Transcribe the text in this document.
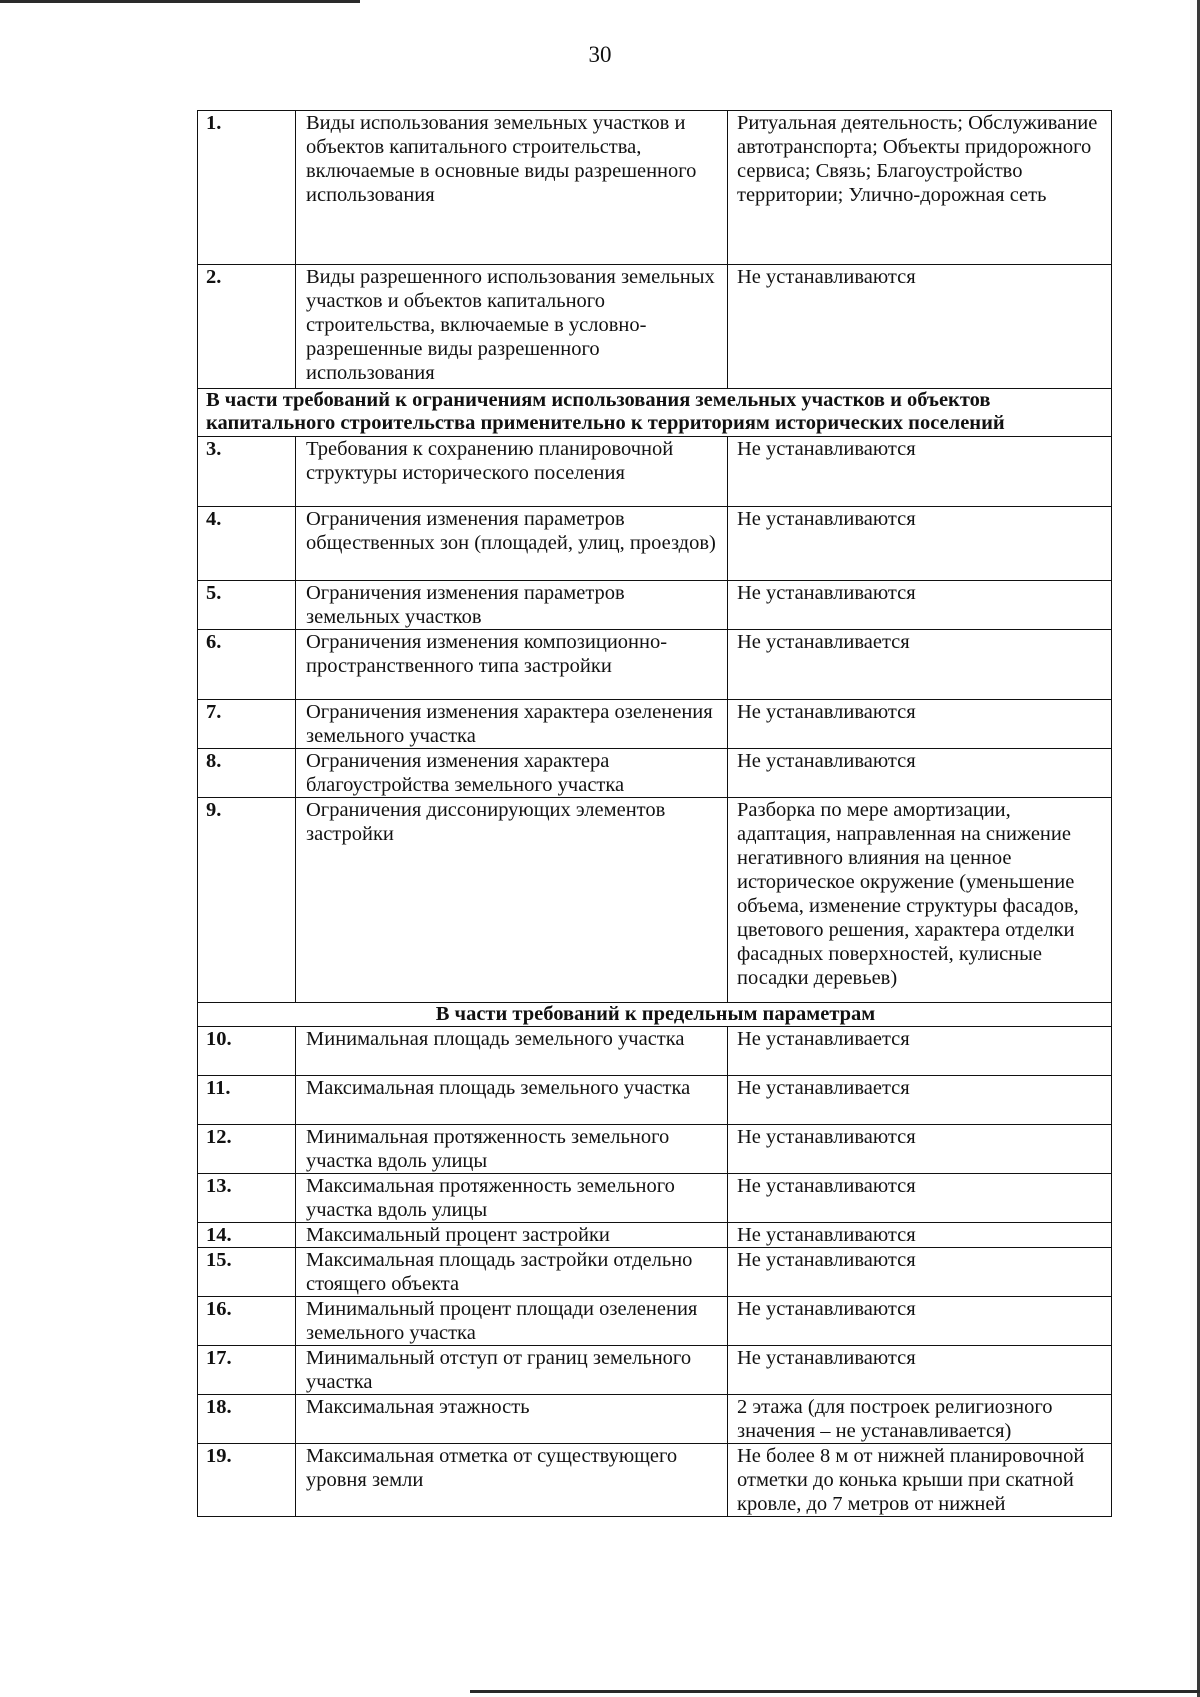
30
1.	Виды использования земельных участков и объектов капитального строительства, включаемые в основные виды разрешенного использования	Ритуальная деятельность; Обслуживание автотранспорта; Объекты придорожного сервиса; Связь; Благоустройство территории; Улично-дорожная сеть
2.	Виды разрешенного использования земельных участков и объектов капитального строительства, включаемые в условно-разрешенные виды разрешенного использования	Не устанавливаются
В части требований к ограничениям использования земельных участков и объектов капитального строительства применительно к территориям исторических поселений		
3.	Требования к сохранению планировочной структуры исторического поселения	Не устанавливаются
4.	Ограничения изменения параметров общественных зон (площадей, улиц, проездов)	Не устанавливаются
5.	Ограничения изменения параметров земельных участков	Не устанавливаются
6.	Ограничения изменения композиционно-пространственного типа застройки	Не устанавливается
7.	Ограничения изменения характера озеленения земельного участка	Не устанавливаются
8.	Ограничения изменения характера благоустройства земельного участка	Не устанавливаются
9.	Ограничения диссонирующих элементов застройки	Разборка по мере амортизации, адаптация, направленная на снижение негативного влияния на ценное историческое окружение (уменьшение объема, изменение структуры фасадов, цветового решения, характера отделки фасадных поверхностей, кулисные посадки деревьев)
В части требований к предельным параметрам		
10.	Минимальная площадь земельного участка	Не устанавливается
11.	Максимальная площадь земельного участка	Не устанавливается
12.	Минимальная протяженность земельного участка вдоль улицы	Не устанавливаются
13.	Максимальная протяженность земельного участка вдоль улицы	Не устанавливаются
14.	Максимальный процент застройки	Не устанавливаются
15.	Максимальная площадь застройки отдельно стоящего объекта	Не устанавливаются
16.	Минимальный процент площади озеленения земельного участка	Не устанавливаются
17.	Минимальный отступ от границ земельного участка	Не устанавливаются
18.	Максимальная этажность	2 этажа (для построек религиозного значения – не устанавливается)
19.	Максимальная отметка от существующего уровня земли	Не более 8 м от нижней планировочной отметки до конька крыши при скатной кровле, до 7 метров от нижней
